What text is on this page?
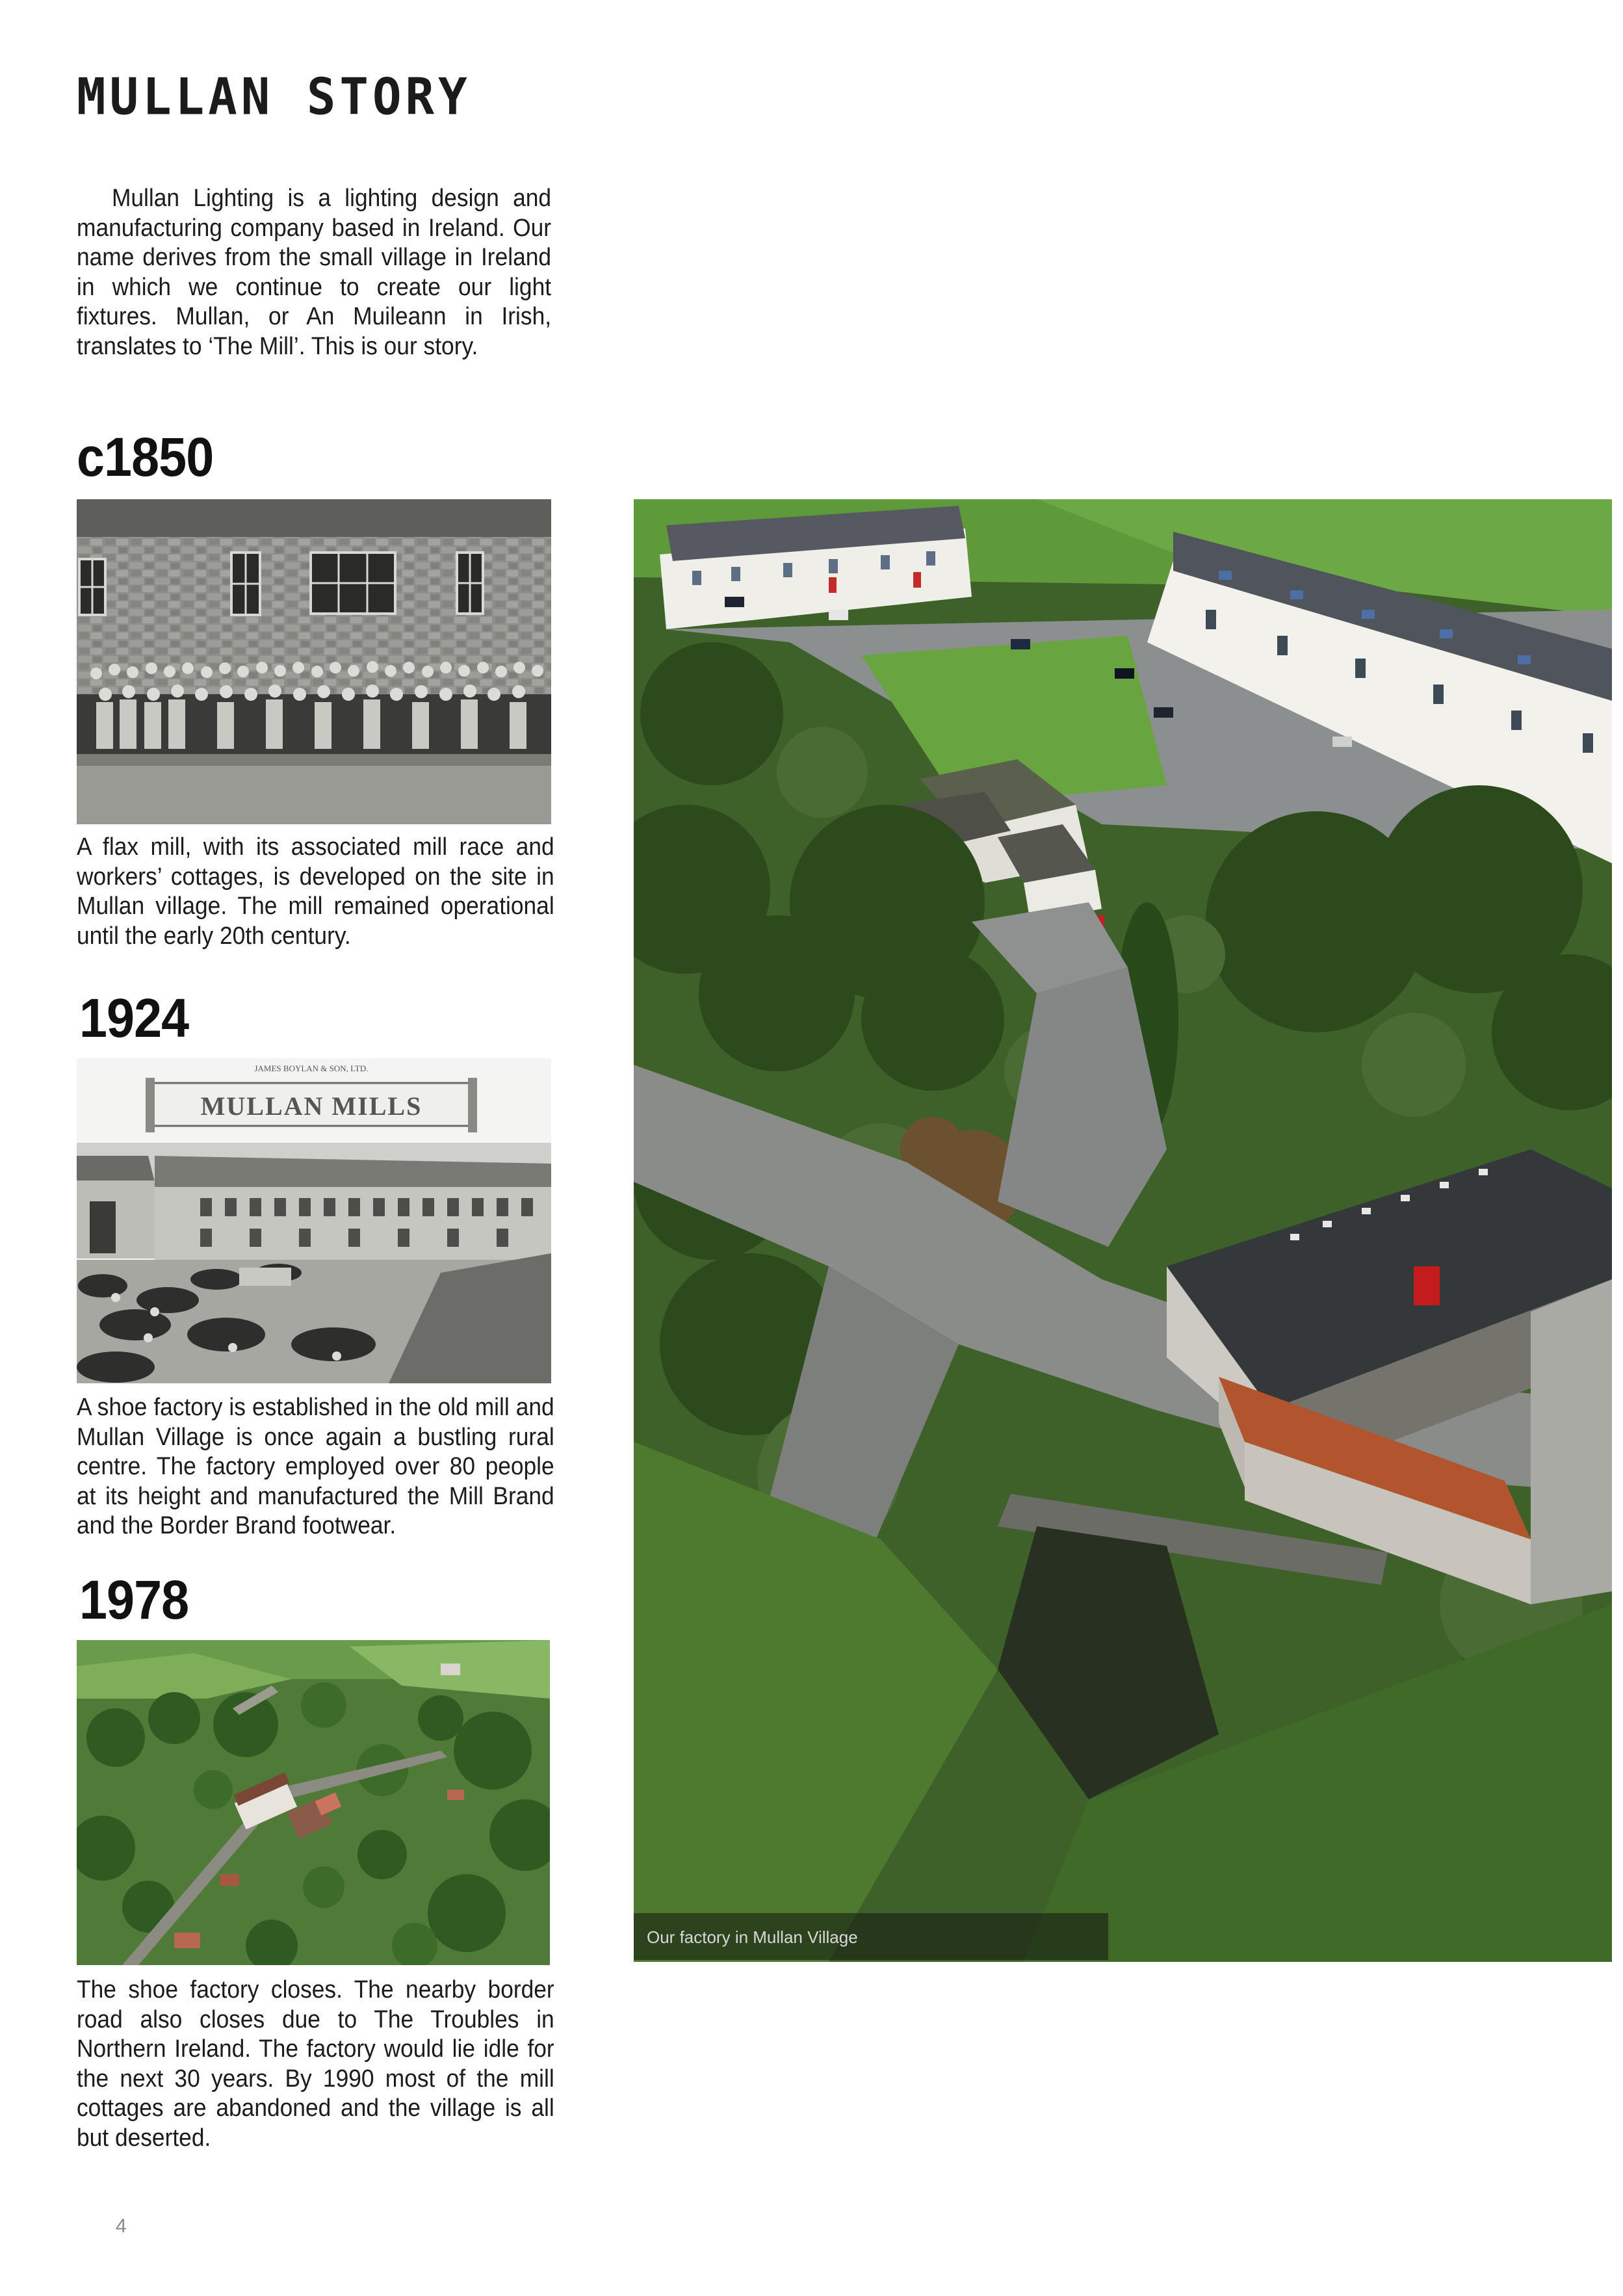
MULLAN STORY
Mullan Lighting is a lighting design and manufacturing company based in Ireland. Our name derives from the small village in Ireland in which we continue to create our light fixtures. Mullan, or An Muileann in Irish, translates to ‘The Mill’. This is our story.
c1850
A flax mill, with its associated mill race and workers’ cottages, is developed on the site in Mullan village. The mill remained operational until the early 20th century.
1924
JAMES BOYLAN & SON, LTD.
MULLAN MILLS
A shoe factory is established in the old mill and Mullan Village is once again a bustling rural centre. The factory employed over 80 people at its height and manufactured the Mill Brand and the Border Brand footwear.
1978
The shoe factory closes. The nearby border road also closes due to The Troubles in Northern Ireland. The factory would lie idle for the next 30 years. By 1990 most of the mill cottages are abandoned and the village is all but deserted.
Our factory in Mullan Village
4
